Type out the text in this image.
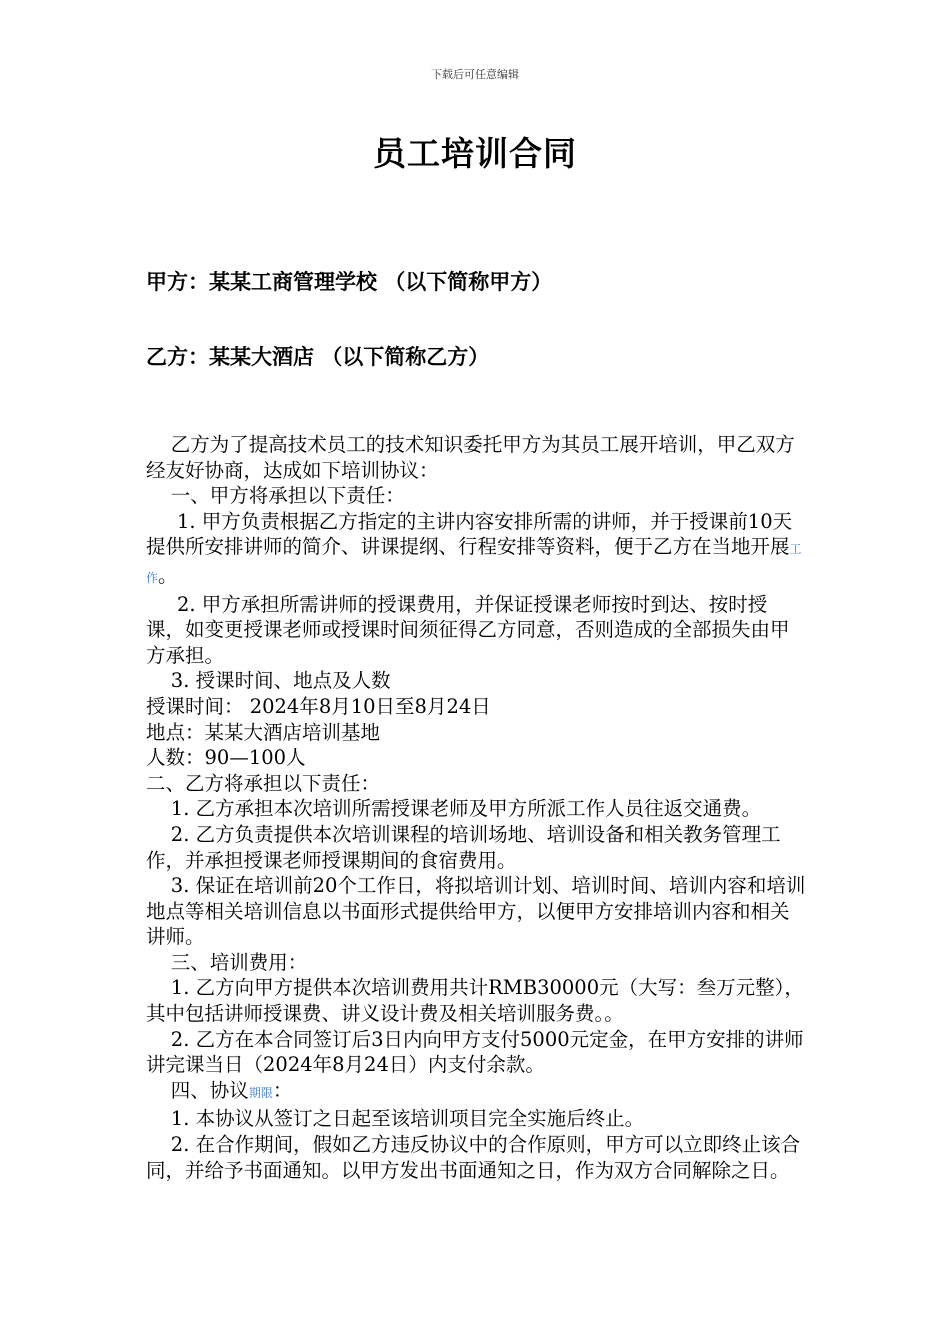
下载后可任意编辑
员工培训合同
甲方：某某工商管理学校 （以下简称甲方）
乙方：某某大酒店 （以下简称乙方）

乙方为了提高技术员工的技术知识委托甲方为其员工展开培训，甲乙双方经友好协商，达成如下培训协议：

一、甲方将承担以下责任：

1. 甲方负责根据乙方指定的主讲内容安排所需的讲师，并于授课前10天提供所安排讲师的简介、讲课提纲、行程安排等资料，便于乙方在当地开展工作。

2. 甲方承担所需讲师的授课费用，并保证授课老师按时到达、按时授课，如变更授课老师或授课时间须征得乙方同意，否则造成的全部损失由甲方承担。

3. 授课时间、地点及人数

授课时间： 2024年8月10日至8月24日

地点：某某大酒店培训基地

人数：90—100人

二、乙方将承担以下责任：

1. 乙方承担本次培训所需授课老师及甲方所派工作人员往返交通费。

2. 乙方负责提供本次培训课程的培训场地、培训设备和相关教务管理工作，并承担授课老师授课期间的食宿费用。

3. 保证在培训前20个工作日，将拟培训计划、培训时间、培训内容和培训地点等相关培训信息以书面形式提供给甲方，以便甲方安排培训内容和相关讲师。

三、培训费用：

1. 乙方向甲方提供本次培训费用共计RMB30000元（大写：叁万元整），其中包括讲师授课费、讲义设计费及相关培训服务费。。

2. 乙方在本合同签订后3日内向甲方支付5000元定金，在甲方安排的讲师讲完课当日（2024年8月24日）内支付余款。

四、协议期限：

1. 本协议从签订之日起至该培训项目完全实施后终止。

2. 在合作期间，假如乙方违反协议中的合作原则，甲方可以立即终止该合同，并给予书面通知。以甲方发出书面通知之日，作为双方合同解除之日。
